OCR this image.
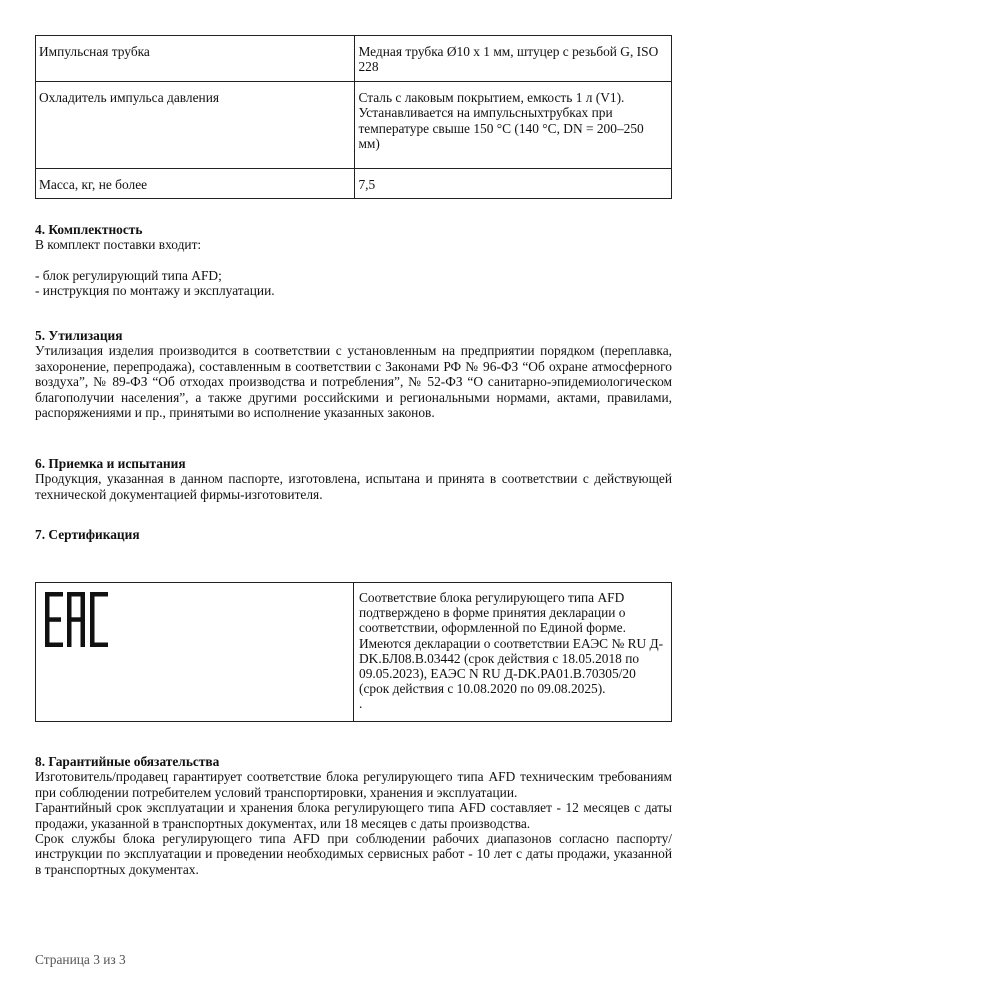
Импульсная трубка	Медная трубка Ø10 х 1 мм, штуцер с резьбой G, ISO 228
Охладитель импульса давления	Сталь с лаковым покрытием, емкость 1 л (V1). Устанавливается на импульсныхтрубках при температуре свыше 150 °С (140 °С, DN = 200–250 мм)
Масса, кг, не более	7,5
4. Комплектность
В комплект поставки входит:
- блок регулирующий типа AFD;
- инструкция по монтажу и эксплуатации.
5. Утилизация
Утилизация изделия производится в соответствии с установленным на предприятии порядком (переплавка, захоронение, перепродажа), составленным в соответствии с Законами РФ № 96-ФЗ “Об охране атмосферного воздуха”, № 89-ФЗ “Об отходах производства и потребления”, № 52-ФЗ “О санитарно-эпидемиологическом благополучии населения”, а также другими российскими и региональными нормами, актами, правилами, распоряжениями и пр., принятыми во исполнение указанных законов.
6. Приемка и испытания
Продукция, указанная в данном паспорте, изготовлена, испытана и принята в соответствии с действующей технической документацией фирмы-изготовителя.
7. Сертификация

Соответствие блока регулирующего типа AFD подтверждено в форме принятия декларации о соответствии, оформленной по Единой форме. Имеются декларации о соответствии ЕАЭС № RU Д-DK.БЛ08.В.03442 (срок действия с 18.05.2018 по 09.05.2023), ЕАЭС N RU Д-DK.PA01.B.70305/20 (срок действия с 10.08.2020 по 09.08.2025).
.
8. Гарантийные обязательства
Изготовитель/продавец гарантирует соответствие блока регулирующего типа AFD техническим требованиям при соблюдении потребителем условий транспортировки, хранения и эксплуатации.
Гарантийный срок эксплуатации и хранения блока регулирующего типа AFD составляет - 12 месяцев с даты продажи, указанной в транспортных документах, или 18 месяцев с даты производства.
Срок службы блока регулирующего типа AFD при соблюдении рабочих диапазонов согласно паспорту/инструкции по эксплуатации и проведении необходимых сервисных работ - 10 лет с даты продажи, указанной в транспортных документах.
Страница 3 из 3
